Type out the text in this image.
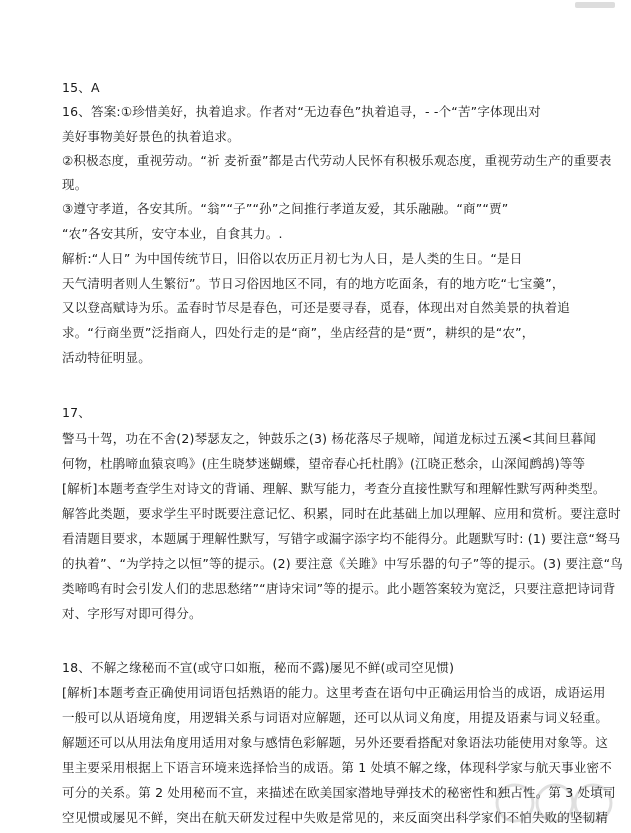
15、A
16、答案:①珍惜美好，执着追求。作者对“无边春色”执着追寻，- -个“苦”字体现出对
美好事物美好景色的执着追求。
②积极态度，重视劳动。“祈 麦祈蚕”都是古代劳动人民怀有积极乐观态度，重视劳动生产的重要表
现。
③遵守孝道，各安其所。“翁”“子”“孙”之间推行孝道友爱，其乐融融。“商”“贾”
“农”各安其所，安守本业，自食其力。.
解析:“人日” 为中国传统节日，旧俗以农历正月初七为人日，是人类的生日。“是日
天气清明者则人生繁衍”。节日习俗因地区不同，有的地方吃面条，有的地方吃“七宝羹”，
又以登高赋诗为乐。孟春时节尽是春色，可还是要寻春，觅春，体现出对自然美景的执着追
求。“行商坐贾”泛指商人，四处行走的是“商”，坐店经营的是“贾”，耕织的是“农”，
活动特征明显。
17、
警马十驾，功在不舍(2)琴瑟友之，钟鼓乐之(3) 杨花落尽子规啼，闻道龙标过五溪<其间旦暮闻
何物，杜鹃啼血猿哀鸣》(庄生晓梦迷蝴蝶，望帝春心托杜鹃》(江晓正愁余，山深闻鹧鸪)等等
[解析]本题考查学生对诗文的背诵、理解、默写能力，考查分直接性默写和理解性默写两种类型。
解答此类题，要求学生平时既要注意记忆、积累，同时在此基础上加以理解、应用和赏析。要注意时
看清题目要求，本题属于理解性默写，写错字或漏字添字均不能得分。此题默写时: (1) 要注意“驽马
的执着”、“为学持之以恒”等的提示。(2) 要注意《关雎》中写乐器的句子”等的提示。(3) 要注意“鸟
类啼鸣有时会引发人们的悲思愁绪”“唐诗宋词”等的提示。此小题答案较为宽泛，只要注意把诗词背
对、字形写对即可得分。
18、不解之缘秘而不宣(或守口如瓶，秘而不露)屡见不鲜(或司空见惯)
[解析]本题考查正确使用词语包括熟语的能力。这里考查在语句中正确运用恰当的成语，成语运用
一般可以从语境角度，用逻辑关系与词语对应解题，还可以从词义角度，用提及语素与词义轻重。
解题还可以从用法角度用适用对象与感情色彩解题，另外还要看搭配对象语法功能使用对象等。这
里主要采用根据上下语言环境来选择恰当的成语。第 1 处填不解之缘，体现科学家与航天事业密不
可分的关系。第 2 处用秘而不宣，来描述在欧美国家潜地导弹技术的秘密性和独占性。第 3 处填司
空见惯或屡见不鲜，突出在航天研发过程中失败是常见的，来反面突出科学家们不怕失败的坚韧精
